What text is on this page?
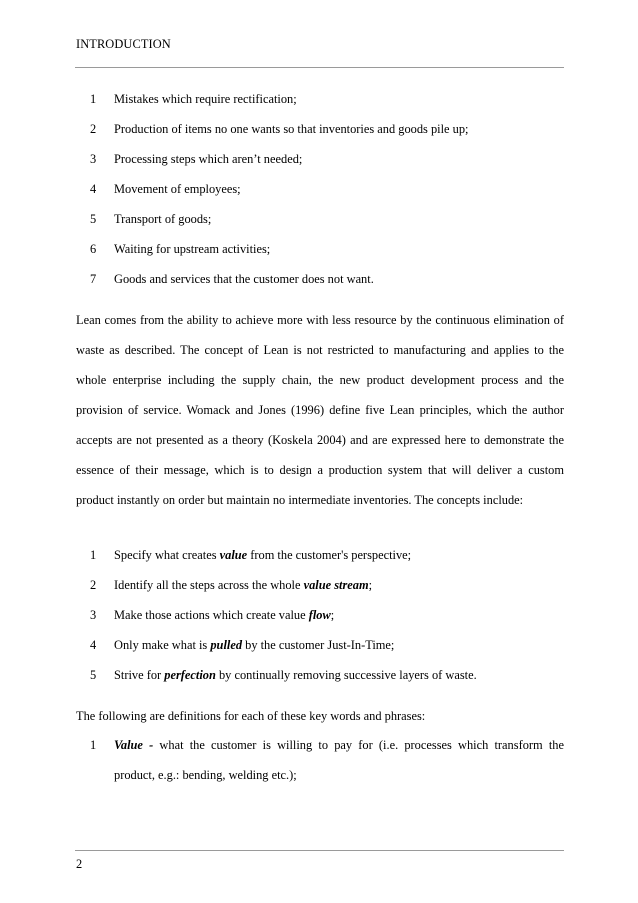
INTRODUCTION
1 Mistakes which require rectification;
2 Production of items no one wants so that inventories and goods pile up;
3 Processing steps which aren’t needed;
4 Movement of employees;
5 Transport of goods;
6 Waiting for upstream activities;
7 Goods and services that the customer does not want.

Lean comes from the ability to achieve more with less resource by the continuous elimination of waste as described. The concept of Lean is not restricted to manufacturing and applies to the whole enterprise including the supply chain, the new product development process and the provision of service. Womack and Jones (1996) define five Lean principles, which the author accepts are not presented as a theory (Koskela 2004) and are expressed here to demonstrate the essence of their message, which is to design a production system that will deliver a custom product instantly on order but maintain no intermediate inventories. The concepts include:

1 Specify what creates value from the customer's perspective;
2 Identify all the steps across the whole value stream;
3 Make those actions which create value flow;
4 Only make what is pulled by the customer Just-In-Time;
5 Strive for perfection by continually removing successive layers of waste.

The following are definitions for each of these key words and phrases:

1 Value - what the customer is willing to pay for (i.e. processes which transform the product, e.g.: bending, welding etc.);
2
